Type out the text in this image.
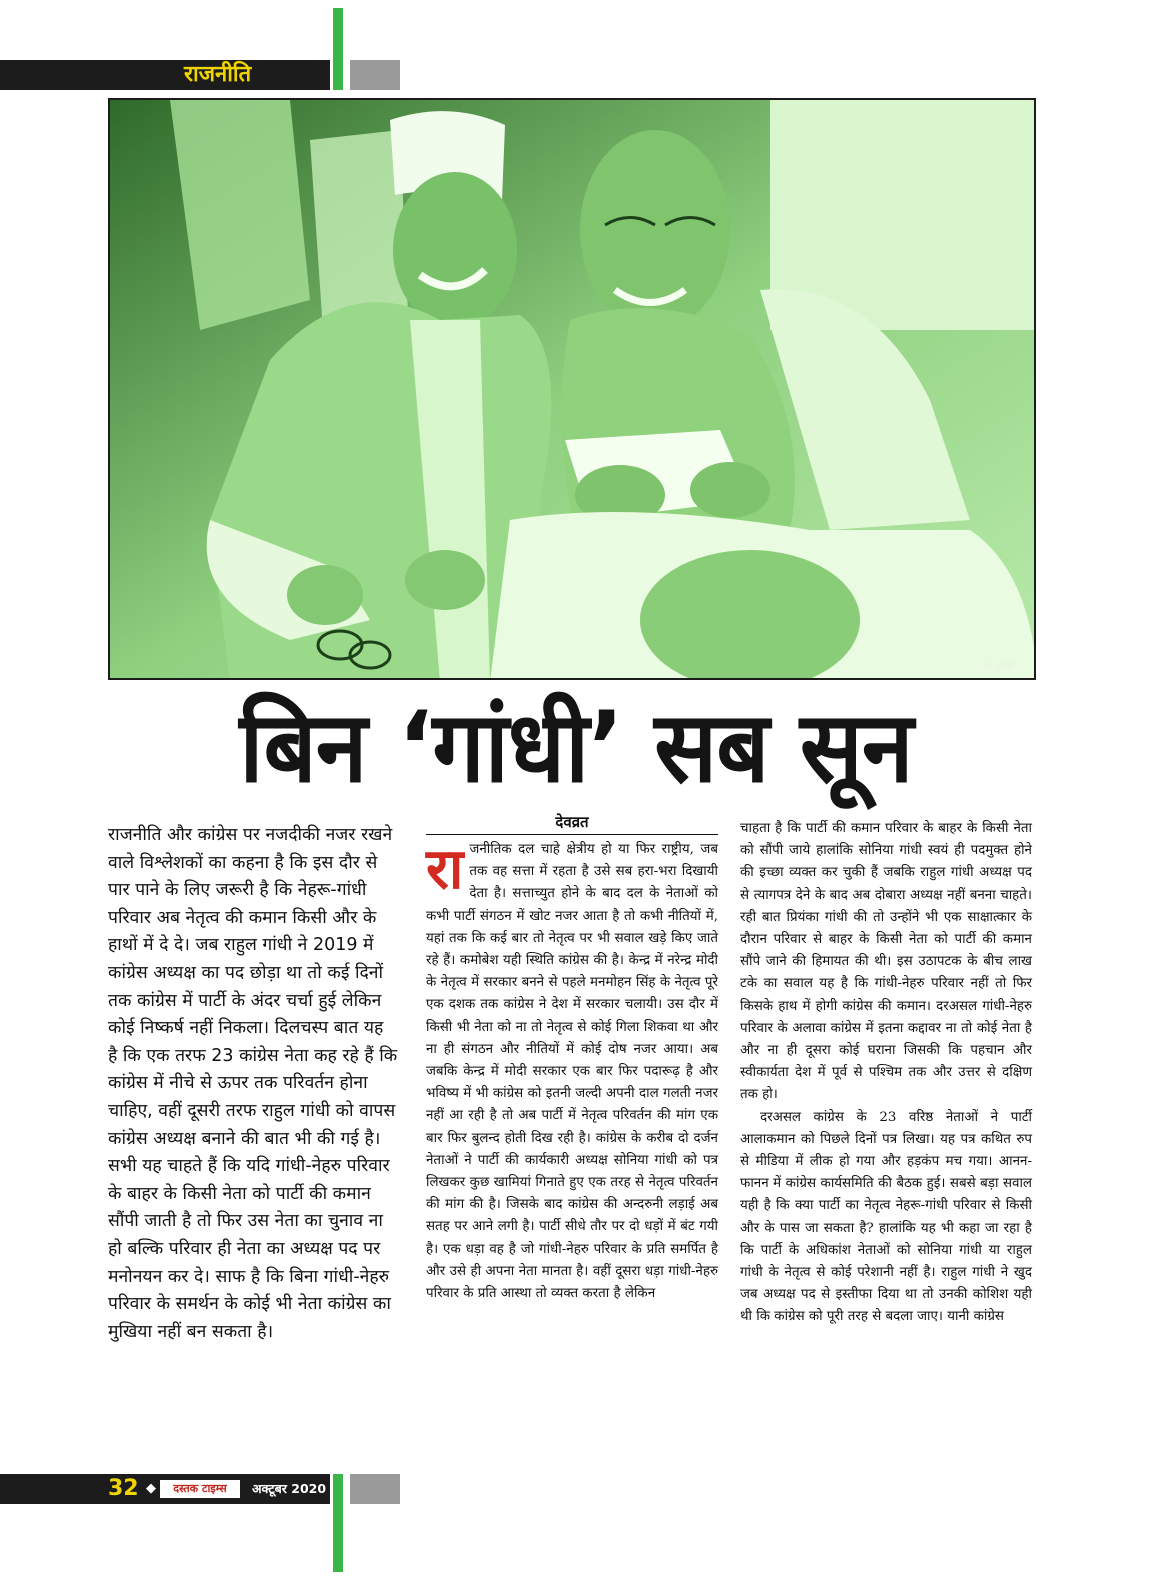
राजनीति
© AP
बिन ‘गांधी’ सब सून

राजनीति और कांग्रेस पर नजदीकी नजर रखने वाले विश्लेशकों का कहना है कि इस दौर से पार पाने के लिए जरूरी है कि नेहरू-गांधी परिवार अब नेतृत्व की कमान किसी और के हाथों में दे दे। जब राहुल गांधी ने 2019 में कांग्रेस अध्यक्ष का पद छोड़ा था तो कई दिनों तक कांग्रेस में पार्टी के अंदर चर्चा हुई लेकिन कोई निष्कर्ष नहीं निकला। दिलचस्प बात यह है कि एक तरफ 23 कांग्रेस नेता कह रहे हैं कि कांग्रेस में नीचे से ऊपर तक परिवर्तन होना चाहिए, वहीं दूसरी तरफ राहुल गांधी को वापस कांग्रेस अध्यक्ष बनाने की बात भी की गई है। सभी यह चाहते हैं कि यदि गांधी-नेहरु परिवार के बाहर के किसी नेता को पार्टी की कमान सौंपी जाती है तो फिर उस नेता का चुनाव ना हो बल्कि परिवार ही नेता का अध्यक्ष पद पर मनोनयन कर दे। साफ है कि बिना गांधी-नेहरु परिवार के समर्थन के कोई भी नेता कांग्रेस का मुखिया नहीं बन सकता है।

देवव्रत

राजनीतिक दल चाहे क्षेत्रीय हो या फिर राष्ट्रीय, जब तक वह सत्ता में रहता है उसे सब हरा-भरा दिखायी देता है। सत्ताच्युत होने के बाद दल के नेताओं को कभी पार्टी संगठन में खोट नजर आता है तो कभी नीतियों में, यहां तक कि कई बार तो नेतृत्व पर भी सवाल खड़े किए जाते रहे हैं। कमोबेश यही स्थिति कांग्रेस की है। केन्द्र में नरेन्द्र मोदी के नेतृत्व में सरकार बनने से पहले मनमोहन सिंह के नेतृत्व पूरे एक दशक तक कांग्रेस ने देश में सरकार चलायी। उस दौर में किसी भी नेता को ना तो नेतृत्व से कोई गिला शिकवा था और ना ही संगठन और नीतियों में कोई दोष नजर आया। अब जबकि केन्द्र में मोदी सरकार एक बार फिर पदारूढ़ है और भविष्य में भी कांग्रेस को इतनी जल्दी अपनी दाल गलती नजर नहीं आ रही है तो अब पार्टी में नेतृत्व परिवर्तन की मांग एक बार फिर बुलन्द होती दिख रही है। कांग्रेस के करीब दो दर्जन नेताओं ने पार्टी की कार्यकारी अध्यक्ष सोनिया गांधी को पत्र लिखकर कुछ खामियां गिनाते हुए एक तरह से नेतृत्व परिवर्तन की मांग की है। जिसके बाद कांग्रेस की अन्दरुनी लड़ाई अब सतह पर आने लगी है। पार्टी सीधे तौर पर दो धड़ों में बंट गयी है। एक धड़ा वह है जो गांधी-नेहरु परिवार के प्रति समर्पित है और उसे ही अपना नेता मानता है। वहीं दूसरा धड़ा गांधी-नेहरु परिवार के प्रति आस्था तो व्यक्त करता है लेकिन

चाहता है कि पार्टी की कमान परिवार के बाहर के किसी नेता को सौंपी जाये हालांकि सोनिया गांधी स्वयं ही पदमुक्त होने की इच्छा व्यक्त कर चुकी हैं जबकि राहुल गांधी अध्यक्ष पद से त्यागपत्र देने के बाद अब दोबारा अध्यक्ष नहीं बनना चाहते। रही बात प्रियंका गांधी की तो उन्होंने भी एक साक्षात्कार के दौरान परिवार से बाहर के किसी नेता को पार्टी की कमान सौंपे जाने की हिमायत की थी। इस उठापटक के बीच लाख टके का सवाल यह है कि गांधी-नेहरु परिवार नहीं तो फिर किसके हाथ में होगी कांग्रेस की कमान। दरअसल गांधी-नेहरु परिवार के अलावा कांग्रेस में इतना कद्दावर ना तो कोई नेता है और ना ही दूसरा कोई घराना जिसकी कि पहचान और स्वीकार्यता देश में पूर्व से पश्चिम तक और उत्तर से दक्षिण तक हो।

दरअसल कांग्रेस के 23 वरिष्ठ नेताओं ने पार्टी आलाकमान को पिछले दिनों पत्र लिखा। यह पत्र कथित रुप से मीडिया में लीक हो गया और हड़कंप मच गया। आनन-फानन में कांग्रेस कार्यसमिति की बैठक हुई। सबसे बड़ा सवाल यही है कि क्या पार्टी का नेतृत्व नेहरू-गांधी परिवार से किसी और के पास जा सकता है? हालांकि यह भी कहा जा रहा है कि पार्टी के अधिकांश नेताओं को सोनिया गांधी या राहुल गांधी के नेतृत्व से कोई परेशानी नहीं है। राहुल गांधी ने खुद जब अध्यक्ष पद से इस्तीफा दिया था तो उनकी कोशिश यही थी कि कांग्रेस को पूरी तरह से बदला जाए। यानी कांग्रेस

32 ◆	दस्तक टाइम्स	अक्टूबर 2020
